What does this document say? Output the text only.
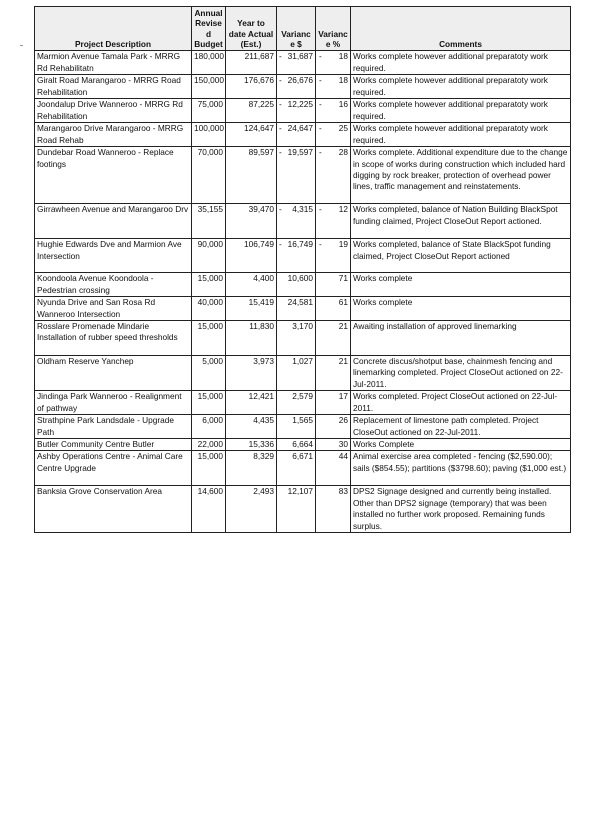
Project Description	Annual Revised Budget	Year to date Actual (Est.)	Variance $	Variance %	Comments
Marmion Avenue Tamala Park - MRRG Rd Rehabilitatn	180,000	211,687	- 31,687	- 18	Works complete however additional preparatoty work required.
Giralt Road Marangaroo - MRRG Road Rehabilitation	150,000	176,676	- 26,676	- 18	Works complete however additional preparatoty work required.
Joondalup Drive Wanneroo - MRRG Rd Rehabilitation	75,000	87,225	- 12,225	- 16	Works complete however additional preparatoty work required.
Marangaroo Drive Marangaroo - MRRG Road Rehab	100,000	124,647	- 24,647	- 25	Works complete however additional preparatoty work required.
Dundebar Road Wanneroo - Replace footings	70,000	89,597	- 19,597	- 28	Works complete. Additional expenditure due to the change in scope of works during construction which included hard digging by rock breaker, protection of overhead power lines, traffic management and reinstatements.
Girrawheen Avenue and Marangaroo Drv	35,155	39,470	- 4,315	- 12	Works completed, balance of Nation Building BlackSpot funding claimed, Project CloseOut Report actioned.
Hughie Edwards Dve and Marmion Ave Intersection	90,000	106,749	- 16,749	- 19	Works completed, balance of State BlackSpot funding claimed, Project CloseOut Report actioned
Koondoola Avenue Koondoola - Pedestrian crossing	15,000	4,400	10,600	71	Works complete
Nyunda Drive and San Rosa Rd Wanneroo Intersection	40,000	15,419	24,581	61	Works complete
Rosslare Promenade Mindarie Installation of rubber speed thresholds	15,000	11,830	3,170	21	Awaiting installation of approved linemarking
Oldham Reserve Yanchep	5,000	3,973	1,027	21	Concrete discus/shotput base, chainmesh fencing and linemarking completed. Project CloseOut actioned on 22-Jul-2011.
Jindinga Park Wanneroo - Realignment of pathway	15,000	12,421	2,579	17	Works completed. Project CloseOut actioned on 22-Jul-2011.
Strathpine Park Landsdale - Upgrade Path	6,000	4,435	1,565	26	Replacement of limestone path completed. Project CloseOut actioned on 22-Jul-2011.
Butler Community Centre Butler	22,000	15,336	6,664	30	Works Complete
Ashby Operations Centre - Animal Care Centre Upgrade	15,000	8,329	6,671	44	Animal exercise area completed - fencing ($2,590.00); sails ($854.55); partitions ($3798.60); paving ($1,000 est.)
Banksia Grove Conservation Area	14,600	2,493	12,107	83	DPS2 Signage designed and currently being installed. Other than DPS2 signage (temporary) that was been installed no further work proposed. Remaining funds surplus.
